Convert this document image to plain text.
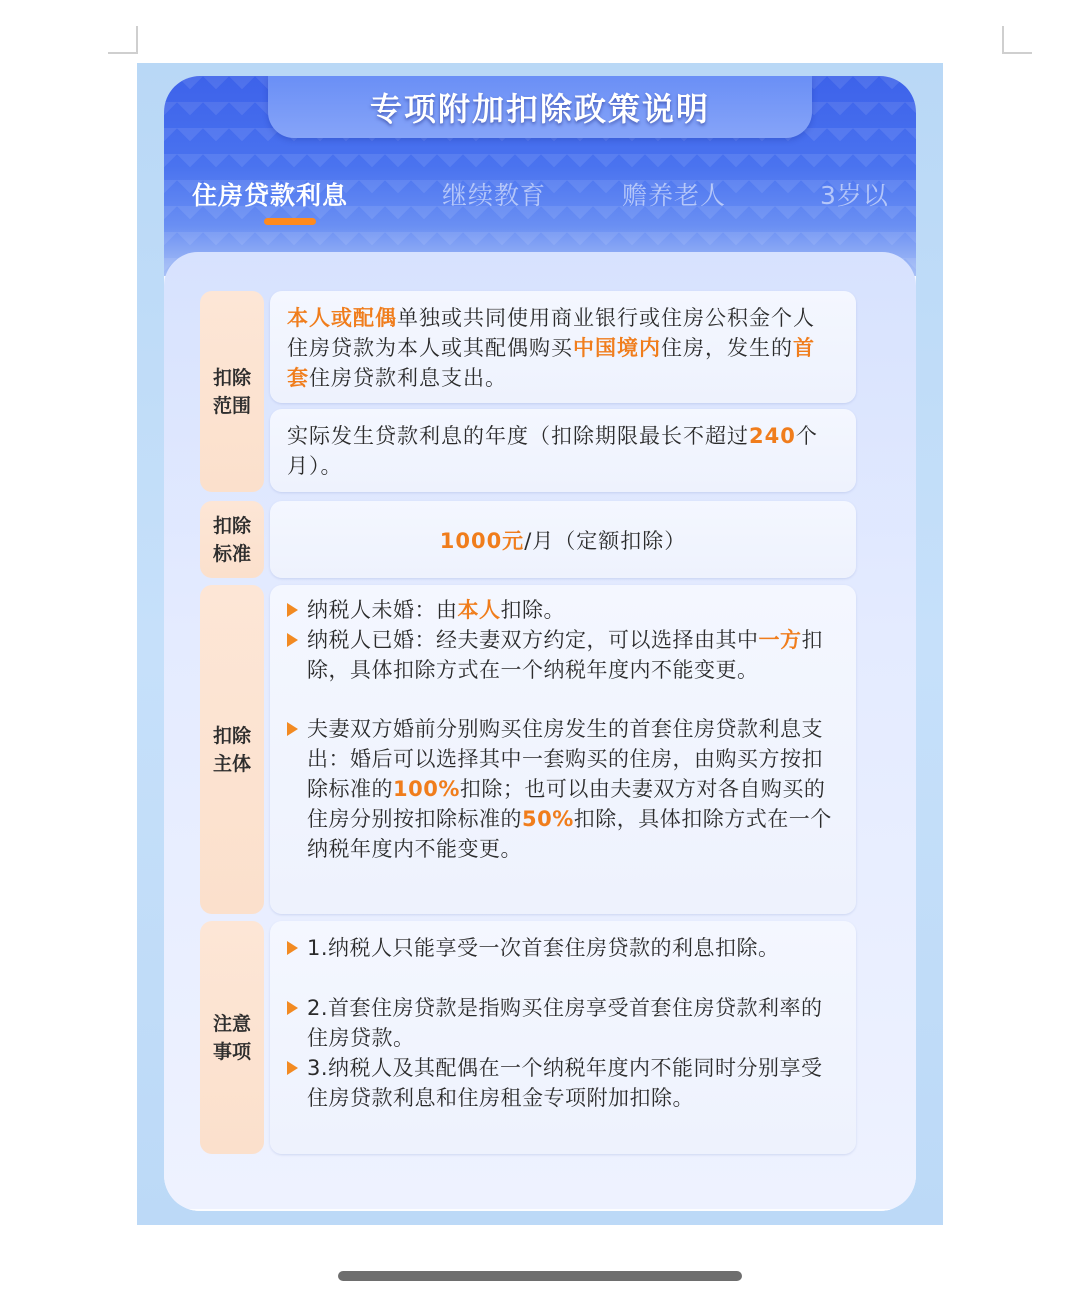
专项附加扣除政策说明
住房贷款利息	继续教育	赡养老人	3岁以
扣除范围
本人或配偶单独或共同使用商业银行或住房公积金个人住房贷款为本人或其配偶购买中国境内住房，发生的首套住房贷款利息支出。
实际发生贷款利息的年度（扣除期限最长不超过240个月）。
扣除标准
1000元/月（定额扣除）
扣除主体
纳税人未婚：由本人扣除。
纳税人已婚：经夫妻双方约定，可以选择由其中一方扣除，具体扣除方式在一个纳税年度内不能变更。
夫妻双方婚前分别购买住房发生的首套住房贷款利息支出：婚后可以选择其中一套购买的住房，由购买方按扣除标准的100%扣除；也可以由夫妻双方对各自购买的住房分别按扣除标准的50%扣除，具体扣除方式在一个纳税年度内不能变更。
注意事项
1.纳税人只能享受一次首套住房贷款的利息扣除。
2.首套住房贷款是指购买住房享受首套住房贷款利率的住房贷款。
3.纳税人及其配偶在一个纳税年度内不能同时分别享受住房贷款利息和住房租金专项附加扣除。
